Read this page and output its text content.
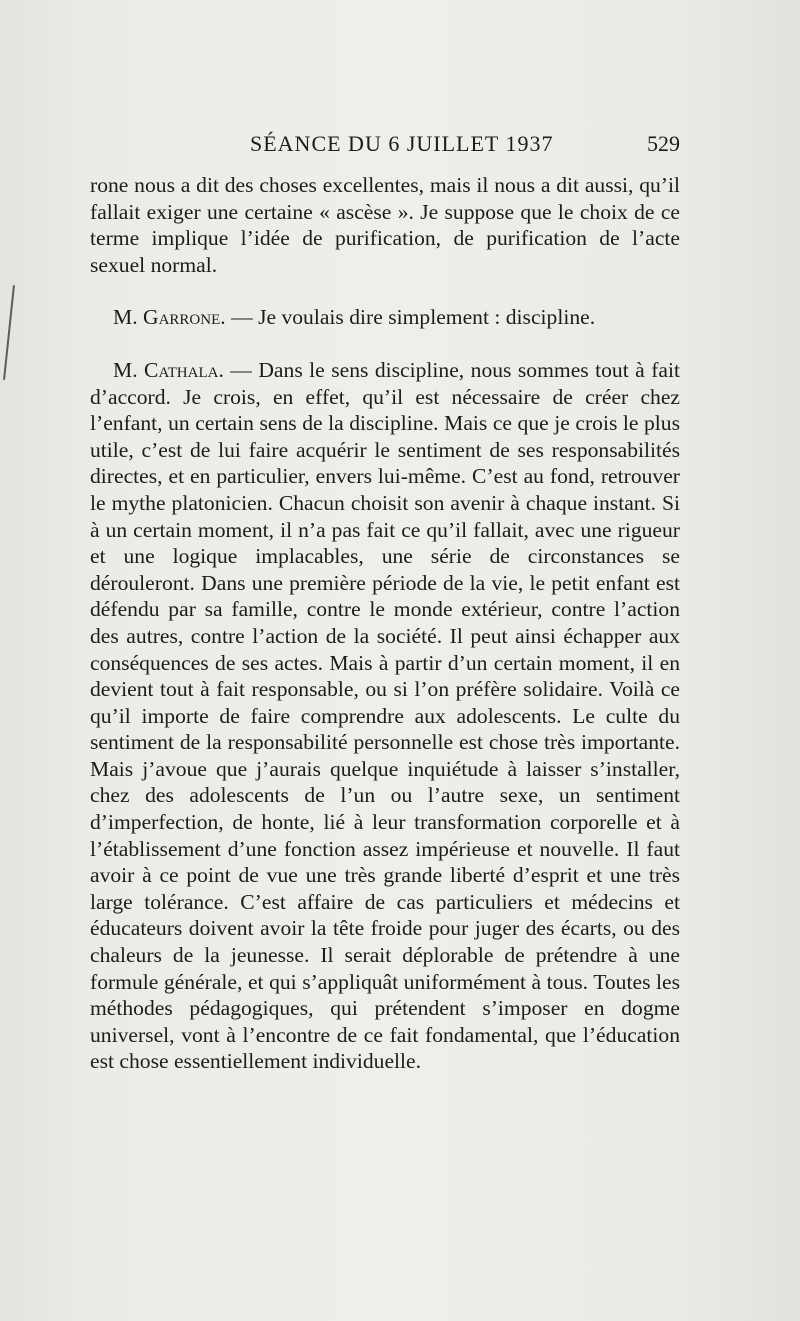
SÉANCE DU 6 JUILLET 1937	529

rone nous a dit des choses excellentes, mais il nous a dit aussi, qu’il fallait exiger une certaine « ascèse ». Je suppose que le choix de ce terme implique l’idée de purification, de purification de l’acte sexuel normal.

M. Garrone. — Je voulais dire simplement : discipline.

M. Cathala. — Dans le sens discipline, nous sommes tout à fait d’accord. Je crois, en effet, qu’il est nécessaire de créer chez l’enfant, un certain sens de la discipline. Mais ce que je crois le plus utile, c’est de lui faire acquérir le sentiment de ses responsabilités directes, et en particulier, envers lui-même. C’est au fond, retrouver le mythe platonicien. Chacun choisit son avenir à chaque instant. Si à un certain moment, il n’a pas fait ce qu’il fallait, avec une rigueur et une logique implacables, une série de circonstances se dérouleront. Dans une première période de la vie, le petit enfant est défendu par sa famille, contre le monde extérieur, contre l’action des autres, contre l’action de la société. Il peut ainsi échapper aux conséquences de ses actes. Mais à partir d’un certain moment, il en devient tout à fait responsable, ou si l’on préfère solidaire. Voilà ce qu’il importe de faire comprendre aux adolescents. Le culte du sentiment de la responsabilité personnelle est chose très importante. Mais j’avoue que j’aurais quelque inquiétude à laisser s’installer, chez des adolescents de l’un ou l’autre sexe, un sentiment d’imperfection, de honte, lié à leur transformation corporelle et à l’établissement d’une fonction assez impérieuse et nouvelle. Il faut avoir à ce point de vue une très grande liberté d’esprit et une très large tolérance. C’est affaire de cas particuliers et médecins et éducateurs doivent avoir la tête froide pour juger des écarts, ou des chaleurs de la jeunesse. Il serait déplorable de prétendre à une formule générale, et qui s’appliquât uniformément à tous. Toutes les méthodes pédagogiques, qui prétendent s’imposer en dogme universel, vont à l’encontre de ce fait fondamental, que l’éducation est chose essentiellement individuelle.
